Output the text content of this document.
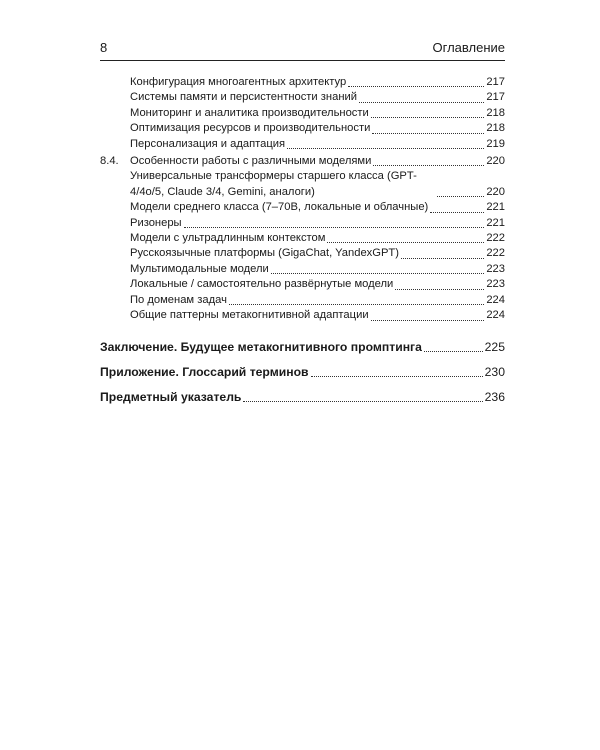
8	Оглавление
Конфигурация многоагентных архитектур	217
Системы памяти и персистентности знаний	217
Мониторинг и аналитика производительности	218
Оптимизация ресурсов и производительности	218
Персонализация и адаптация	219
8.4.	Особенности работы с различными моделями	220
Универсальные трансформеры старшего класса (GPT-4/4o/5, Claude 3/4, Gemini, аналоги)	220
Модели среднего класса (7–70B, локальные и облачные)	221
Ризонеры	221
Модели с ультрадлинным контекстом	222
Русскоязычные платформы (GigaChat, YandexGPT)	222
Мультимодальные модели	223
Локальные / самостоятельно развёрнутые модели	223
По доменам задач	224
Общие паттерны метакогнитивной адаптации	224
Заключение. Будущее метакогнитивного промптинга	225
Приложение. Глоссарий терминов	230
Предметный указатель	236
